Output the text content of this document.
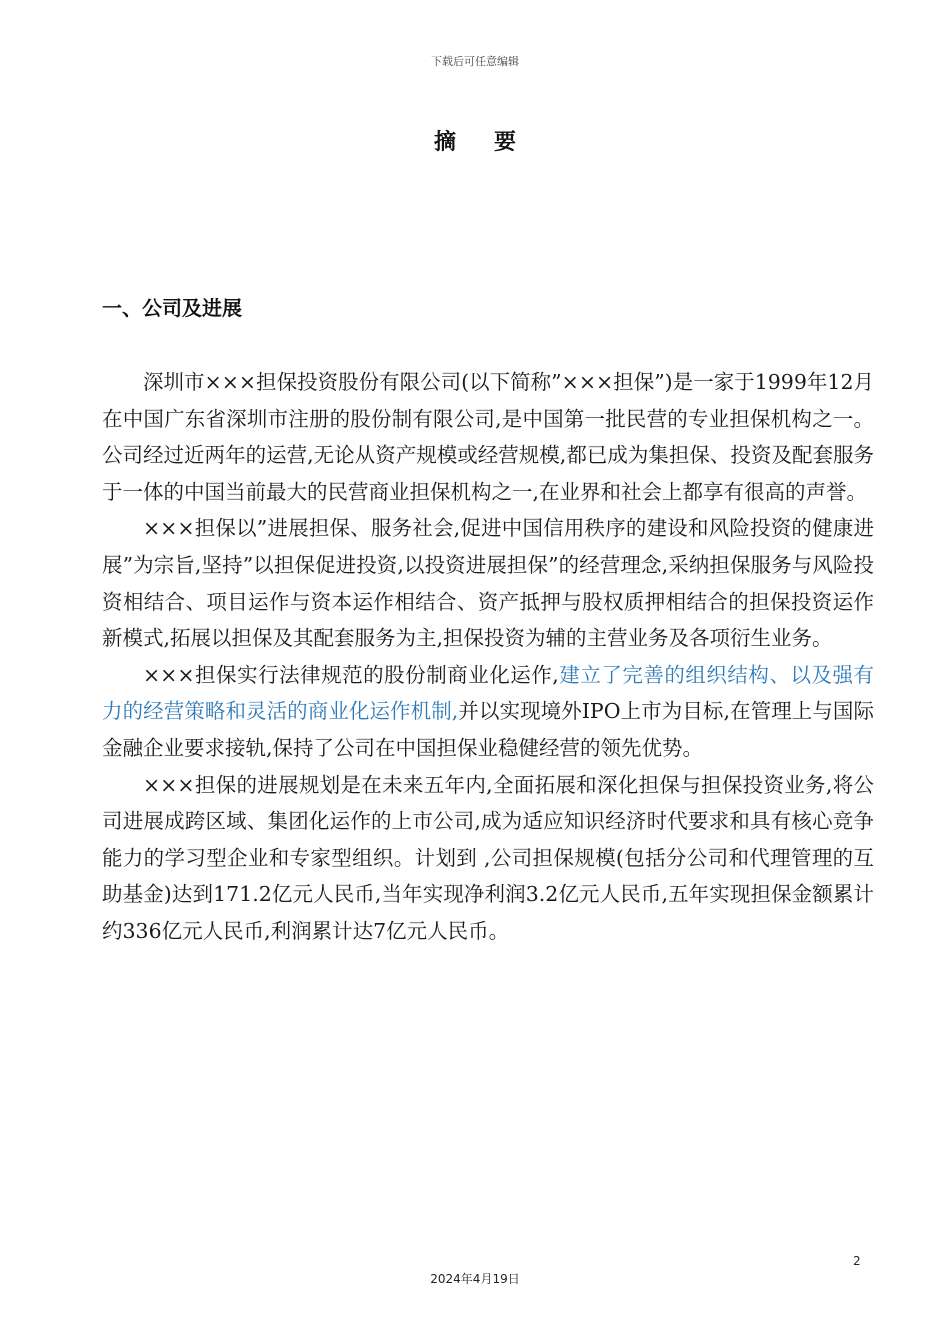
下载后可任意编辑
摘要
一、公司及进展

深圳市×××担保投资股份有限公司(以下简称”×××担保”)是一家于1999年12月在中国广东省深圳市注册的股份制有限公司,是中国第一批民营的专业担保机构之一。公司经过近两年的运营,无论从资产规模或经营规模,都已成为集担保、投资及配套服务于一体的中国当前最大的民营商业担保机构之一,在业界和社会上都享有很高的声誉。

×××担保以”进展担保、服务社会,促进中国信用秩序的建设和风险投资的健康进展”为宗旨,坚持”以担保促进投资,以投资进展担保”的经营理念,采纳担保服务与风险投资相结合、项目运作与资本运作相结合、资产抵押与股权质押相结合的担保投资运作新模式,拓展以担保及其配套服务为主,担保投资为辅的主营业务及各项衍生业务。

×××担保实行法律规范的股份制商业化运作,建立了完善的组织结构、以及强有力的经营策略和灵活的商业化运作机制,并以实现境外IPO上市为目标,在管理上与国际金融企业要求接轨,保持了公司在中国担保业稳健经营的领先优势。

×××担保的进展规划是在未来五年内,全面拓展和深化担保与担保投资业务,将公司进展成跨区域、集团化运作的上市公司,成为适应知识经济时代要求和具有核心竞争能力的学习型企业和专家型组织。计划到 ,公司担保规模(包括分公司和代理管理的互助基金)达到171.2亿元人民币,当年实现净利润3.2亿元人民币,五年实现担保金额累计约336亿元人民币,利润累计达7亿元人民币。

2
2024年4月19日
